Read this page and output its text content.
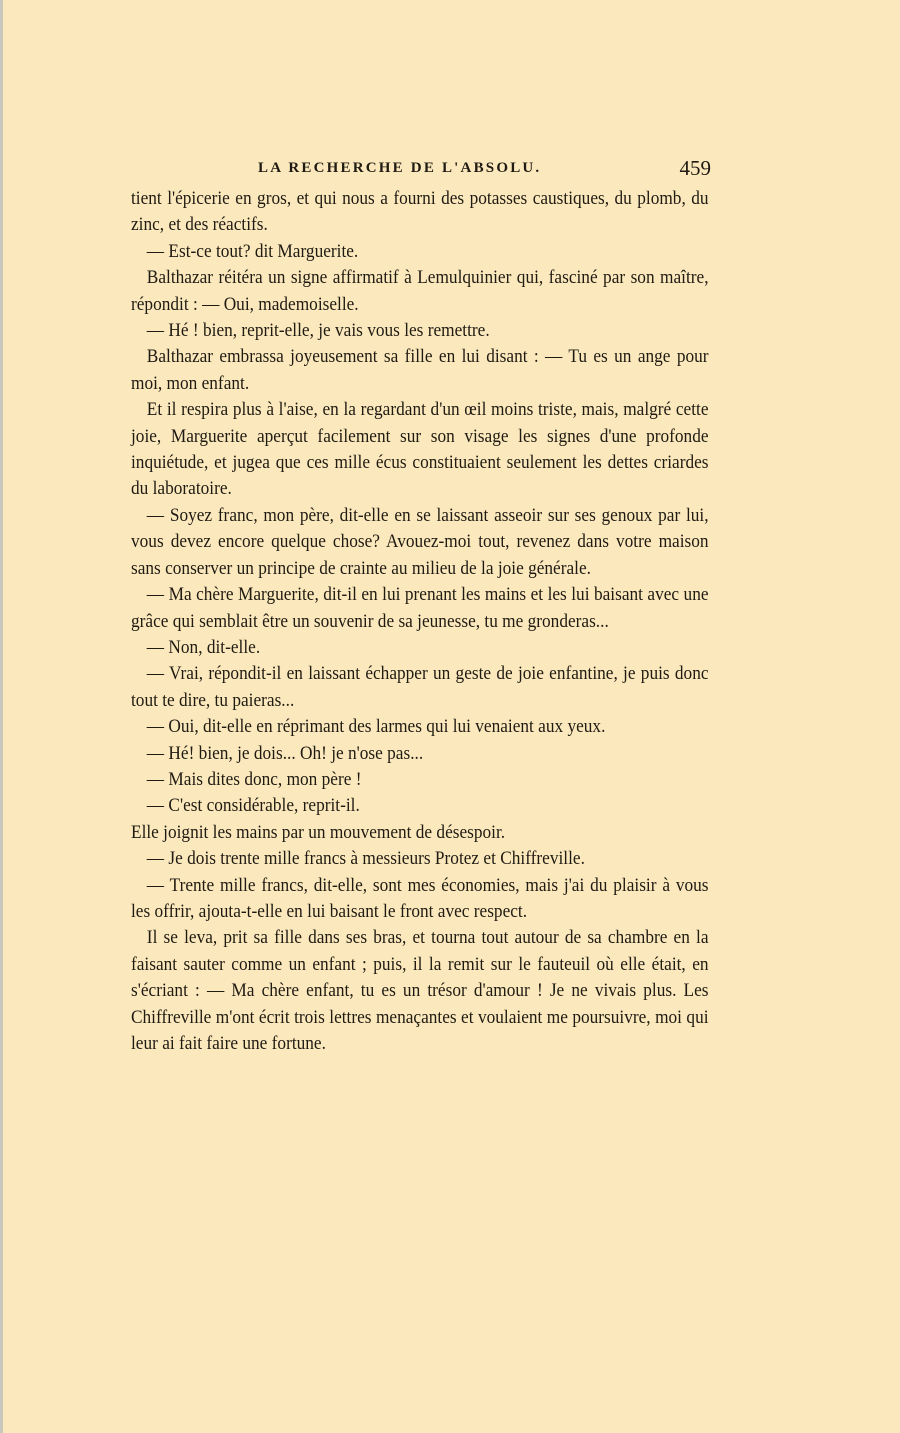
LA RECHERCHE DE L'ABSOLU.	459

tient l'épicerie en gros, et qui nous a fourni des potasses caustiques, du plomb, du zinc, et des réactifs.

— Est-ce tout? dit Marguerite.

Balthazar réitéra un signe affirmatif à Lemulquinier qui, fasciné par son maître, répondit : — Oui, mademoiselle.

— Hé ! bien, reprit-elle, je vais vous les remettre.

Balthazar embrassa joyeusement sa fille en lui disant : — Tu es un ange pour moi, mon enfant.

Et il respira plus à l'aise, en la regardant d'un œil moins triste, mais, malgré cette joie, Marguerite aperçut facilement sur son visage les signes d'une profonde inquiétude, et jugea que ces mille écus constituaient seulement les dettes criardes du laboratoire.

— Soyez franc, mon père, dit-elle en se laissant asseoir sur ses genoux par lui, vous devez encore quelque chose? Avouez-moi tout, revenez dans votre maison sans conserver un principe de crainte au milieu de la joie générale.

— Ma chère Marguerite, dit-il en lui prenant les mains et les lui baisant avec une grâce qui semblait être un souvenir de sa jeunesse, tu me gronderas...

— Non, dit-elle.

— Vrai, répondit-il en laissant échapper un geste de joie enfantine, je puis donc tout te dire, tu paieras...

— Oui, dit-elle en réprimant des larmes qui lui venaient aux yeux.

— Hé! bien, je dois... Oh! je n'ose pas...

— Mais dites donc, mon père !

— C'est considérable, reprit-il.

Elle joignit les mains par un mouvement de désespoir.

— Je dois trente mille francs à messieurs Protez et Chiffreville.

— Trente mille francs, dit-elle, sont mes économies, mais j'ai du plaisir à vous les offrir, ajouta-t-elle en lui baisant le front avec respect.

Il se leva, prit sa fille dans ses bras, et tourna tout autour de sa chambre en la faisant sauter comme un enfant ; puis, il la remit sur le fauteuil où elle était, en s'écriant : — Ma chère enfant, tu es un trésor d'amour ! Je ne vivais plus. Les Chiffreville m'ont écrit trois lettres menaçantes et voulaient me poursuivre, moi qui leur ai fait faire une fortune.
